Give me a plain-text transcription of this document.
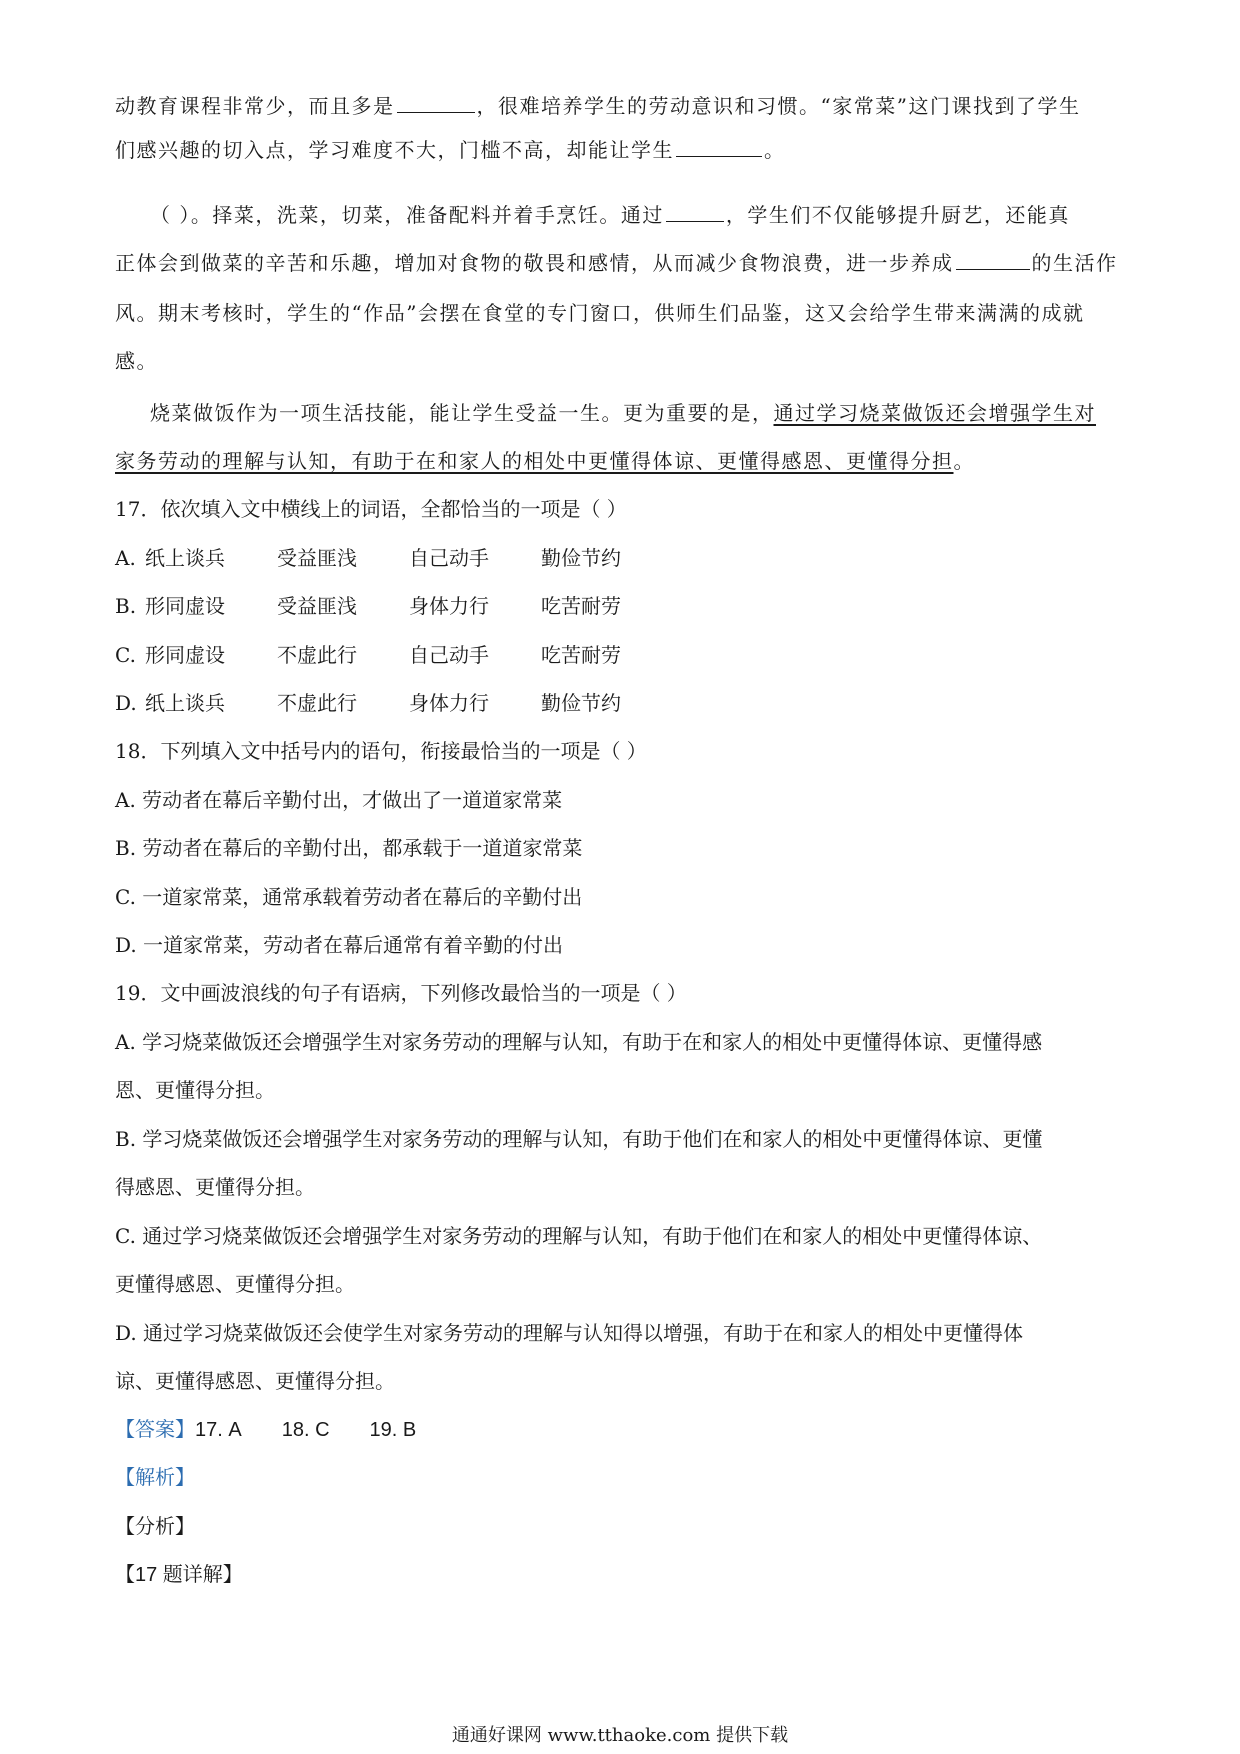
动教育课程非常少，而且多是	，很难培养学生的劳动意识和习惯。“家常菜”这门课找到了学生
们感兴趣的切入点，学习难度不大，门槛不高，却能让学生	。
（ ）。择菜，洗菜，切菜，准备配料并着手烹饪。通过	，学生们不仅能够提升厨艺，还能真
正体会到做菜的辛苦和乐趣，增加对食物的敬畏和感情，从而减少食物浪费，进一步养成	的生活作
风。期末考核时，学生的“作品”会摆在食堂的专门窗口，供师生们品鉴，这又会给学生带来满满的成就
感。
烧菜做饭作为一项生活技能，能让学生受益一生。更为重要的是，通过学习烧菜做饭还会增强学生对
家务劳动的理解与认知，有助于在和家人的相处中更懂得体谅、更懂得感恩、更懂得分担。
17．依次填入文中横线上的词语，全都恰当的一项是（ ）
A. 纸上谈兵	受益匪浅	自己动手	勤俭节约
B. 形同虚设	受益匪浅	身体力行	吃苦耐劳
C. 形同虚设	不虚此行	自己动手	吃苦耐劳
D. 纸上谈兵	不虚此行	身体力行	勤俭节约
18．下列填入文中括号内的语句，衔接最恰当的一项是（ ）
A. 劳动者在幕后辛勤付出，才做出了一道道家常菜
B. 劳动者在幕后的辛勤付出，都承载于一道道家常菜
C. 一道家常菜，通常承载着劳动者在幕后的辛勤付出
D. 一道家常菜，劳动者在幕后通常有着辛勤的付出
19．文中画波浪线的句子有语病，下列修改最恰当的一项是（ ）
A. 学习烧菜做饭还会增强学生对家务劳动的理解与认知，有助于在和家人的相处中更懂得体谅、更懂得感
恩、更懂得分担。
B. 学习烧菜做饭还会增强学生对家务劳动的理解与认知，有助于他们在和家人的相处中更懂得体谅、更懂
得感恩、更懂得分担。
C. 通过学习烧菜做饭还会增强学生对家务劳动的理解与认知，有助于他们在和家人的相处中更懂得体谅、
更懂得感恩、更懂得分担。
D. 通过学习烧菜做饭还会使学生对家务劳动的理解与认知得以增强，有助于在和家人的相处中更懂得体
谅、更懂得感恩、更懂得分担。
【答案】17. A 18. C 19. B
【解析】
【分析】
【17 题详解】
通通好课网 www.tthaoke.com 提供下载
